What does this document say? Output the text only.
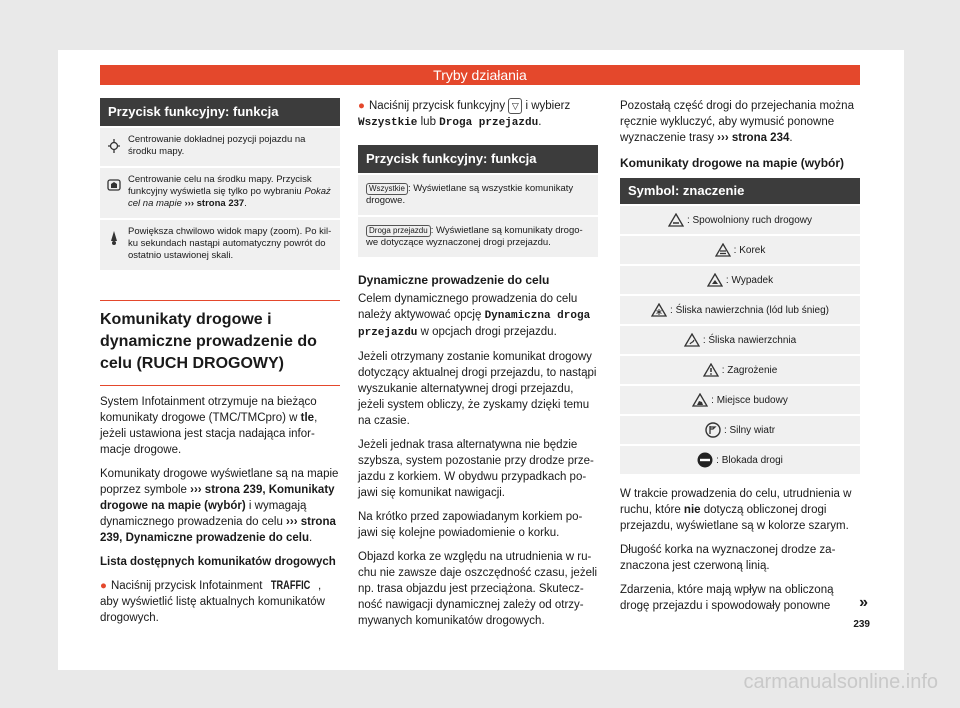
Tryby działania
Przycisk funkcyjny: funkcja
Centrowanie dokładnej pozycji pojazdu na środku mapy.
Centrowanie celu na środku mapy. Przycisk funkcyjny wyświetla się tylko po wybraniu Pokaż cel na mapie ››› strona 237.
Powiększa chwilowo widok mapy (zoom). Po kilku sekundach nastąpi automatyczny powrót do ostatnio ustawionej skali.
Komunikaty drogowe i dynamiczne prowadzenie do celu (RUCH DROGOWY)

System Infotainment otrzymuje na bieżąco komunikaty drogowe (TMC/TMCpro) w tle, jeżeli ustawiona jest stacja nadająca informacje drogowe.

Komunikaty drogowe wyświetlane są na mapie poprzez symbole ››› strona 239, Komunikaty drogowe na mapie (wybór) i wymagają dynamicznego prowadzenia do celu ››› strona 239, Dynamiczne prowadzenie do celu.

Lista dostępnych komunikatów drogowych

● Naciśnij przycisk Infotainment TRAFFIC , aby wyświetlić listę aktualnych komunikatów drogowych.

● Naciśnij przycisk funkcyjny ▽ i wybierz
Wszystkie lub Droga przejazdu.

Przycisk funkcyjny: funkcja
Wszystkie : Wyświetlane są wszystkie komunikaty drogowe.
Droga przejazdu : Wyświetlane są komunikaty drogowe dotyczące wyznaczonej drogi przejazdu.
Dynamiczne prowadzenie do celu

Celem dynamicznego prowadzenia do celu należy aktywować opcję Dynamiczna droga przejazdu w opcjach drogi przejazdu.

Jeżeli otrzymany zostanie komunikat drogowy dotyczący aktualnej drogi przejazdu, to nastąpi wyszukanie alternatywnej drogi przejazdu, jeżeli system obliczy, że zyskamy dzięki temu na czasie.

Jeżeli jednak trasa alternatywna nie będzie szybsza, system pozostanie przy drodze przejazdu z korkiem. W obydwu przypadkach pojawi się komunikat nawigacji.

Na krótko przed zapowiadanym korkiem pojawi się kolejne powiadomienie o korku.

Objazd korka ze względu na utrudnienia w ruchu nie zawsze daje oszczędność czasu, jeżeli np. trasa objazdu jest przeciążona. Skuteczność nawigacji dynamicznej zależy od otrzymywanych komunikatów drogowych.

Pozostałą część drogi do przejechania można ręcznie wykluczyć, aby wymusić ponowne wyznaczenie trasy ››› strona 234.

Komunikaty drogowe na mapie (wybór)
Symbol: znaczenie
: Spowolniony ruch drogowy
: Korek
: Wypadek
: Śliska nawierzchnia (lód lub śnieg)
: Śliska nawierzchnia
: Zagrożenie
: Miejsce budowy
: Silny wiatr
: Blokada drogi

W trakcie prowadzenia do celu, utrudnienia w ruchu, które nie dotyczą obliczonej drogi przejazdu, wyświetlane są w kolorze szarym.

Długość korka na wyznaczonej drodze zaznaczona jest czerwoną linią.

Zdarzenia, które mają wpływ na obliczoną drogę przejazdu i spowodowały ponowne	»
239
carmanualsonline.info
